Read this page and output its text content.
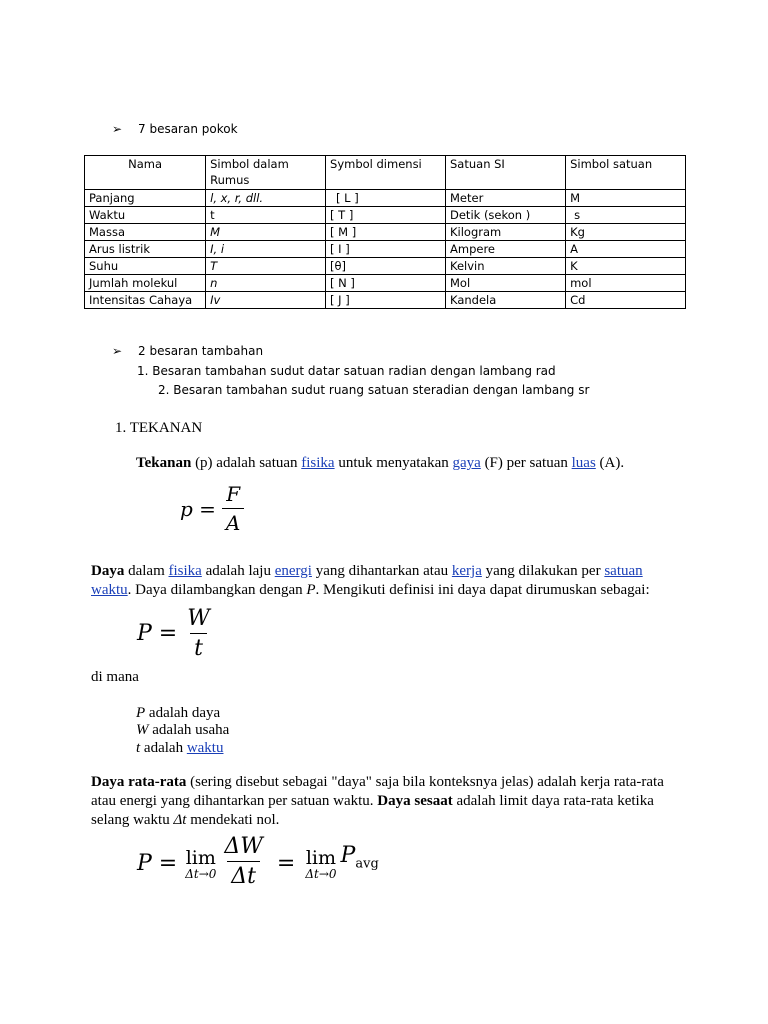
➢ 7 besaran pokok
Nama	Simbol dalam Rumus	Symbol dimensi	Satuan SI	Simbol satuan
Panjang	l, x, r, dll.	[ L ]	Meter	M
Waktu	t	[ T ]	Detik (sekon )	s
Massa	M	[ M ]	Kilogram	Kg
Arus listrik	I, i	[ I ]	Ampere	A
Suhu	T	[θ]	Kelvin	K
Jumlah molekul	n	[ N ]	Mol	mol
Intensitas Cahaya	Iv	[ J ]	Kandela	Cd
➢ 2 besaran tambahan
1. Besaran tambahan sudut datar satuan radian dengan lambang rad
2. Besaran tambahan sudut ruang satuan steradian dengan lambang sr
1. TEKANAN
Tekanan (p) adalah satuan fisika untuk menyatakan gaya (F) per satuan luas (A).
$p = \frac{F}{A}$
Daya dalam fisika adalah laju energi yang dihantarkan atau kerja yang dilakukan per satuan
waktu. Daya dilambangkan dengan P. Mengikuti definisi ini daya dapat dirumuskan sebagai:
$P = \frac{W}{t}$
di mana
P adalah daya
W adalah usaha
t adalah waktu
Daya rata-rata (sering disebut sebagai "daya" saja bila konteksnya jelas) adalah kerja rata-rata atau energi yang dihantarkan per satuan waktu. Daya sesaat adalah limit daya rata-rata ketika selang waktu Δt mendekati nol.
P = lim
$\Delta t\to 0 \frac{\Delta W}{\Delta t} = \lim$
Δt→0
$P_{avg}$
